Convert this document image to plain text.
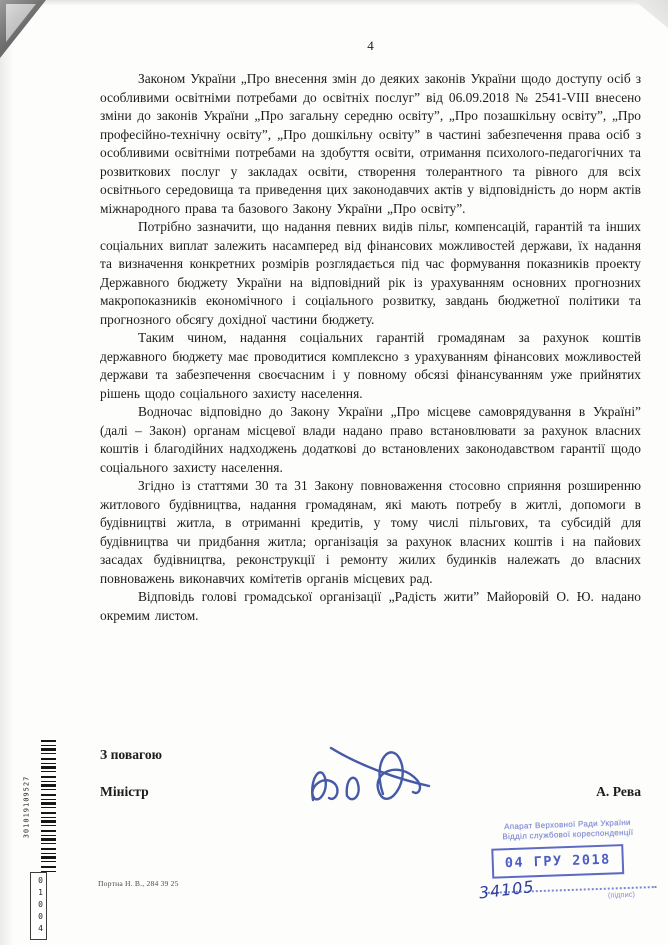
4

Законом України „Про внесення змін до деяких законів України щодо доступу осіб з особливими освітніми потребами до освітніх послуг” від 06.09.2018 № 2541-VIII внесено зміни до законів України „Про загальну середню освіту”, „Про позашкільну освіту”, „Про професійно-технічну освіту”, „Про дошкільну освіту” в частині забезпечення права осіб з особливими освітніми потребами на здобуття освіти, отримання психолого-педагогічних та розвиткових послуг у закладах освіти, створення толерантного та рівного для всіх освітнього середовища та приведення цих законодавчих актів у відповідність до норм актів міжнародного права та базового Закону України „Про освіту”.

Потрібно зазначити, що надання певних видів пільг, компенсацій, гарантій та інших соціальних виплат залежить насамперед від фінансових можливостей держави, їх надання та визначення конкретних розмірів розглядається під час формування показників проекту Державного бюджету України на відповідний рік із урахуванням основних прогнозних макропоказників економічного і соціального розвитку, завдань бюджетної політики та прогнозного обсягу дохідної частини бюджету.

Таким чином, надання соціальних гарантій громадянам за рахунок коштів державного бюджету має проводитися комплексно з урахуванням фінансових можливостей держави та забезпечення своєчасним і у повному обсязі фінансуванням уже прийнятих рішень щодо соціального захисту населення.

Водночас відповідно до Закону України „Про місцеве самоврядування в Україні” (далі – Закон) органам місцевої влади надано право встановлювати за рахунок власних коштів і благодійних надходжень додаткові до встановлених законодавством гарантії щодо соціального захисту населення.

Згідно із статтями 30 та 31 Закону повноваження стосовно сприяння розширенню житлового будівництва, надання громадянам, які мають потребу в житлі, допомоги в будівництві житла, в отриманні кредитів, у тому числі пільгових, та субсидій для будівництва чи придбання житла; організація за рахунок власних коштів і на пайових засадах будівництва, реконструкції і ремонту жилих будинків належать до власних повноважень виконавчих комітетів органів місцевих рад.

Відповідь голові громадської організації „Радість жити” Майоровій О. Ю. надано окремим листом.

З повагою
Міністр	А. Рева
Апарат Верховної Ради України
Відділ службової кореспонденції
04 ГРУ 2018
34105	(підпис)
Портна Н. В., 284 39 25
301019109527
01004
